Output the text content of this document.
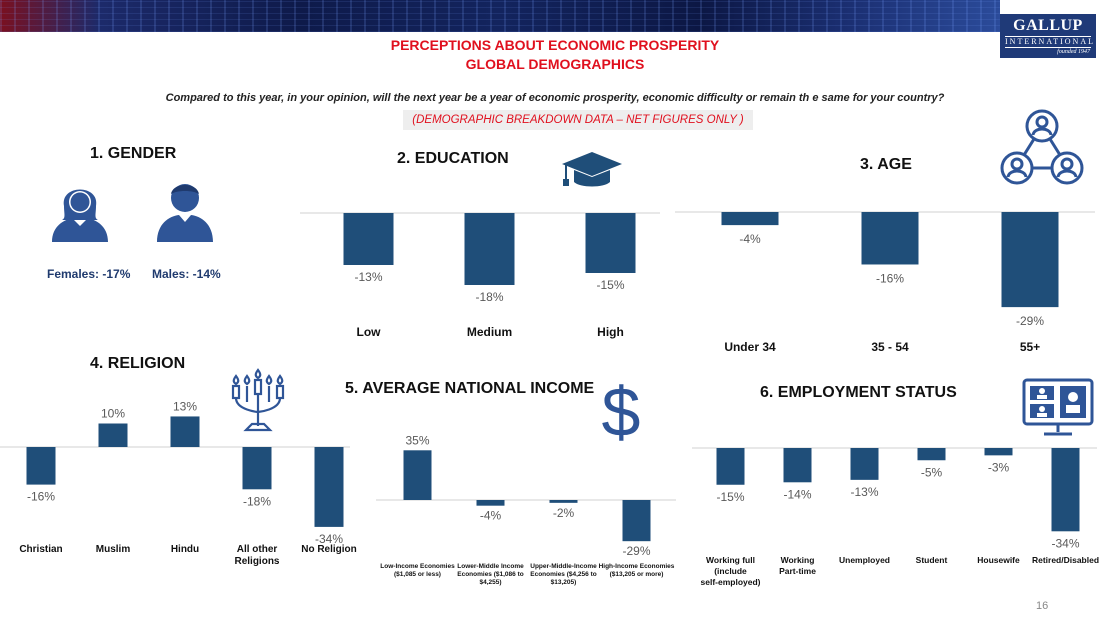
GALLUP
INTERNATIONAL
founded 1947
PERCEPTIONS ABOUT ECONOMIC PROSPERITY
GLOBAL DEMOGRAPHICS
Compared to this year, in your opinion, will the next year be a year of economic prosperity, economic difficulty or remain th e same for your country?
(DEMOGRAPHIC BREAKDOWN DATA – NET FIGURES ONLY )
1. GENDER	2. EDUCATION	3. AGE
4. RELIGION
5. AVERAGE NATIONAL INCOME	6. EMPLOYMENT STATUS
Females: -17% Males: -14%
$
-13%
Low
-18%
Medium
-15%
High
-4%
Under 34
-16%
35 - 54
-29%
55+
-16%
Christian
10%
Muslim
13%
Hindu
-18%
All other Religions
-34%
No Religion
35%
Low-Income Economies ($1,085 or less)
-4%
Lower-Middle Income Economies ($1,086 to $4,255)
-2%
Upper-Middle-Income Economies ($4,256 to $13,205)
-29%
High-Income Economies ($13,205 or more)
-15%
Working full (include self-employed)
-14%
Working Part-time
-13%
Unemployed
-5%
Student
-3%
Housewife
-34%
Retired/Disabled
16
